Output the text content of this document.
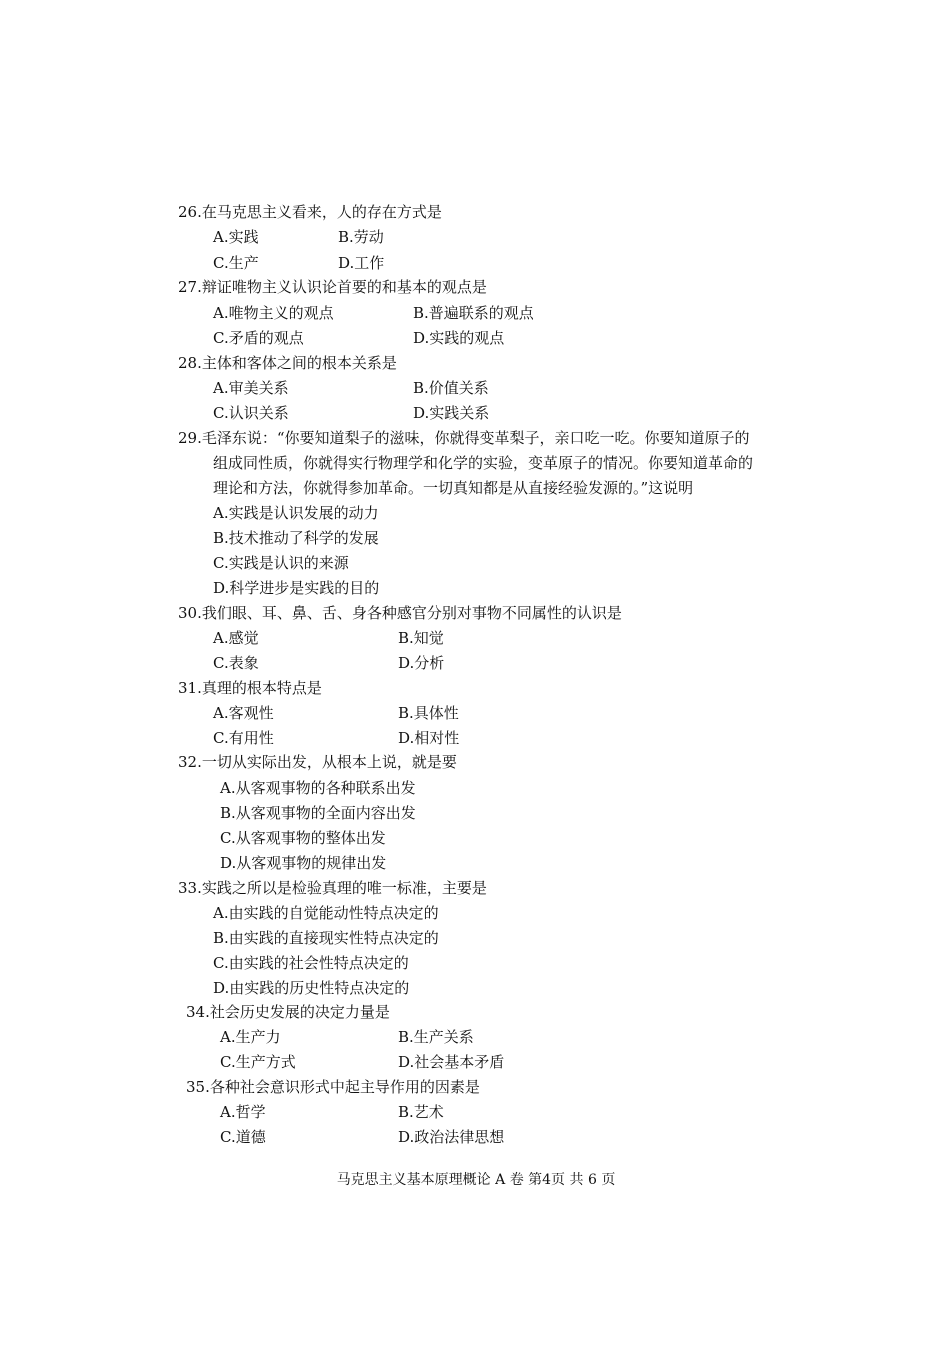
26.在马克思主义看来，人的存在方式是
A.实践	B.劳动
C.生产	D.工作
27.辩证唯物主义认识论首要的和基本的观点是
A.唯物主义的观点	B.普遍联系的观点
C.矛盾的观点	D.实践的观点
28.主体和客体之间的根本关系是
A.审美关系	B.价值关系
C.认识关系	D.实践关系
29.毛泽东说：“你要知道梨子的滋味，你就得变革梨子，亲口吃一吃。你要知道原子的
组成同性质，你就得实行物理学和化学的实验，变革原子的情况。你要知道革命的
理论和方法，你就得参加革命。一切真知都是从直接经验发源的。”这说明
A.实践是认识发展的动力
B.技术推动了科学的发展
C.实践是认识的来源
D.科学进步是实践的目的
30.我们眼、耳、鼻、舌、身各种感官分别对事物不同属性的认识是
A.感觉	B.知觉
C.表象	D.分析
31.真理的根本特点是
A.客观性	B.具体性
C.有用性	D.相对性
32.一切从实际出发，从根本上说，就是要
A.从客观事物的各种联系出发
B.从客观事物的全面内容出发
C.从客观事物的整体出发
D.从客观事物的规律出发
33.实践之所以是检验真理的唯一标准，主要是
A.由实践的自觉能动性特点决定的
B.由实践的直接现实性特点决定的
C.由实践的社会性特点决定的
D.由实践的历史性特点决定的
34.社会历史发展的决定力量是
A.生产力	B.生产关系
C.生产方式	D.社会基本矛盾
35.各种社会意识形式中起主导作用的因素是
A.哲学	B.艺术
C.道德	D.政治法律思想
马克思主义基本原理概论 A 卷 第4页 共 6 页
